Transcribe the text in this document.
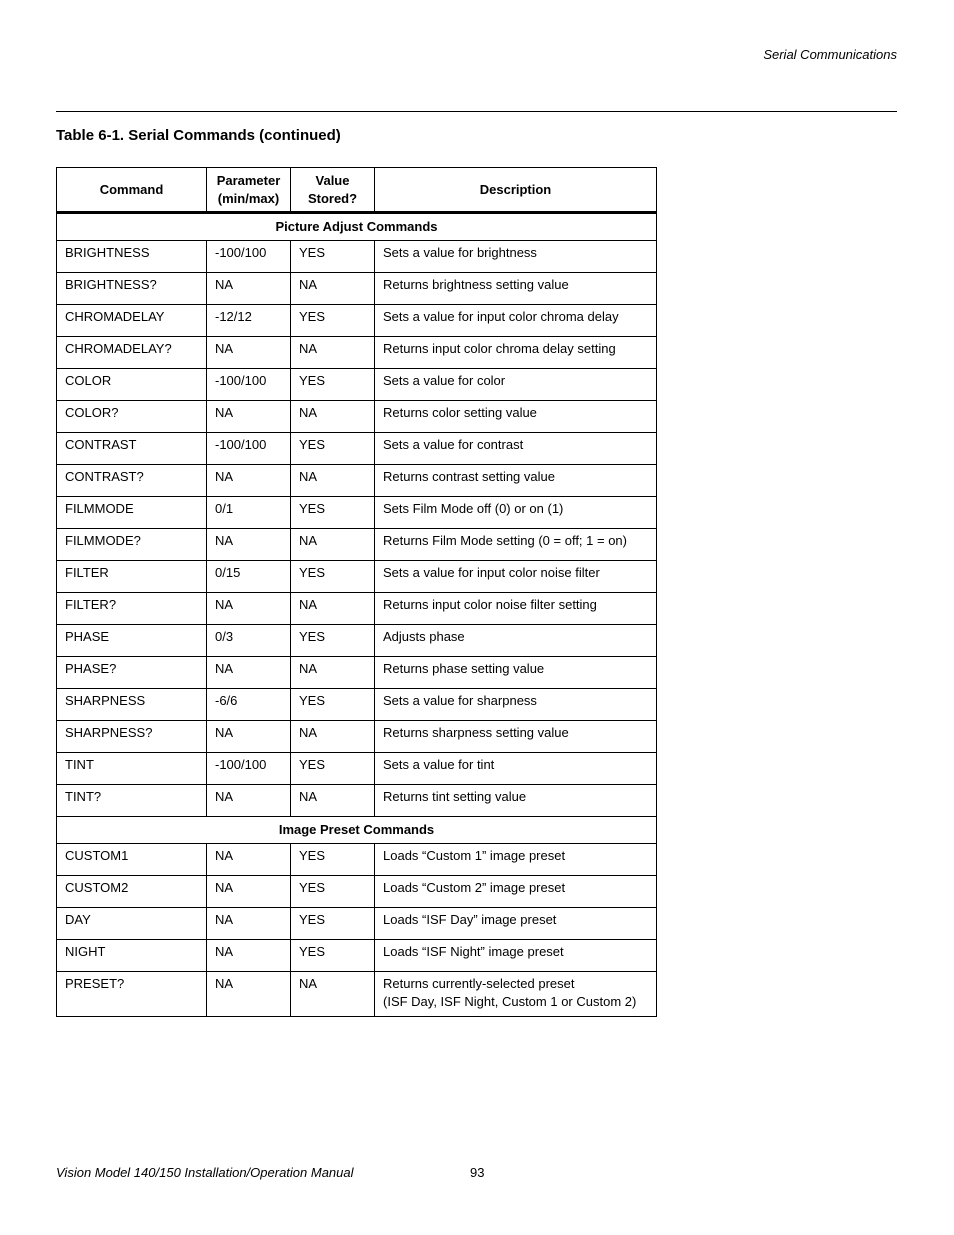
Serial Communications
Table 6-1. Serial Commands (continued)
Command	Parameter (min/max)	Value Stored?	Description
Picture Adjust Commands			
BRIGHTNESS	-100/100	YES	Sets a value for brightness
BRIGHTNESS?	NA	NA	Returns brightness setting value
CHROMADELAY	-12/12	YES	Sets a value for input color chroma delay
CHROMADELAY?	NA	NA	Returns input color chroma delay setting
COLOR	-100/100	YES	Sets a value for color
COLOR?	NA	NA	Returns color setting value
CONTRAST	-100/100	YES	Sets a value for contrast
CONTRAST?	NA	NA	Returns contrast setting value
FILMMODE	0/1	YES	Sets Film Mode off (0) or on (1)
FILMMODE?	NA	NA	Returns Film Mode setting (0 = off; 1 = on)
FILTER	0/15	YES	Sets a value for input color noise filter
FILTER?	NA	NA	Returns input color noise filter setting
PHASE	0/3	YES	Adjusts phase
PHASE?	NA	NA	Returns phase setting value
SHARPNESS	-6/6	YES	Sets a value for sharpness
SHARPNESS?	NA	NA	Returns sharpness setting value
TINT	-100/100	YES	Sets a value for tint
TINT?	NA	NA	Returns tint setting value
Image Preset Commands			
CUSTOM1	NA	YES	Loads “Custom 1” image preset
CUSTOM2	NA	YES	Loads “Custom 2” image preset
DAY	NA	YES	Loads “ISF Day” image preset
NIGHT	NA	YES	Loads “ISF Night” image preset
PRESET?	NA	NA	Returns currently-selected preset
(ISF Day, ISF Night, Custom 1 or Custom 2)
Vision Model 140/150 Installation/Operation Manual	93
